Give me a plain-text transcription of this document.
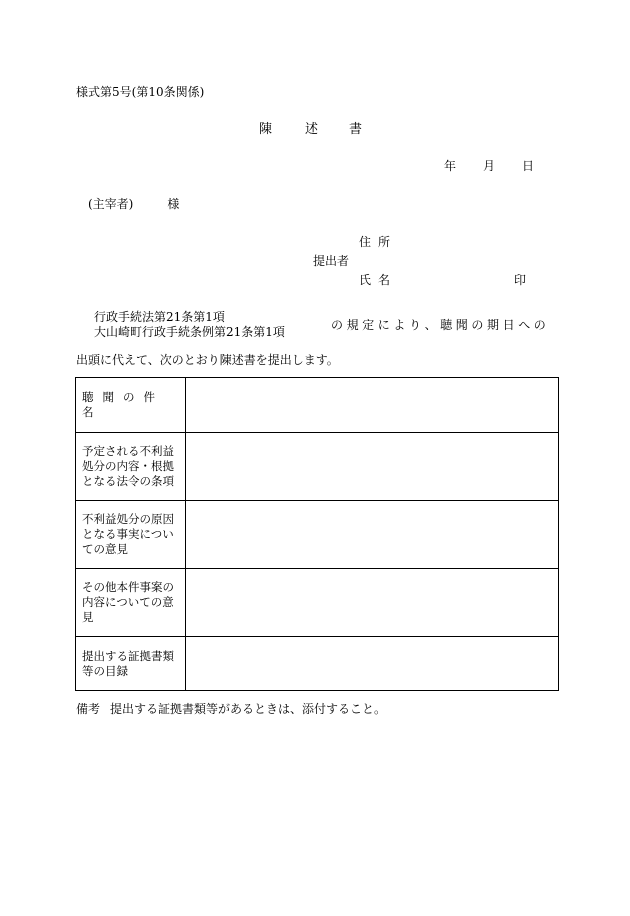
様式第5号(第10条関係)
陳	述 書
年 月 日
(主宰者)	様
住所
提出者
氏名	印
行政手続法第21条第1項
大山崎町行政手続条例第21条第1項	の規定により、聴聞の期日への
出頭に代えて、次のとおり陳述書を提出します。
聴聞の件名	
予定される不利益処分の内容・根拠となる法令の条項	
不利益処分の原因となる事実についての意見	
その他本件事案の内容についての意見	
提出する証拠書類等の目録	
備考 提出する証拠書類等があるときは、添付すること。
